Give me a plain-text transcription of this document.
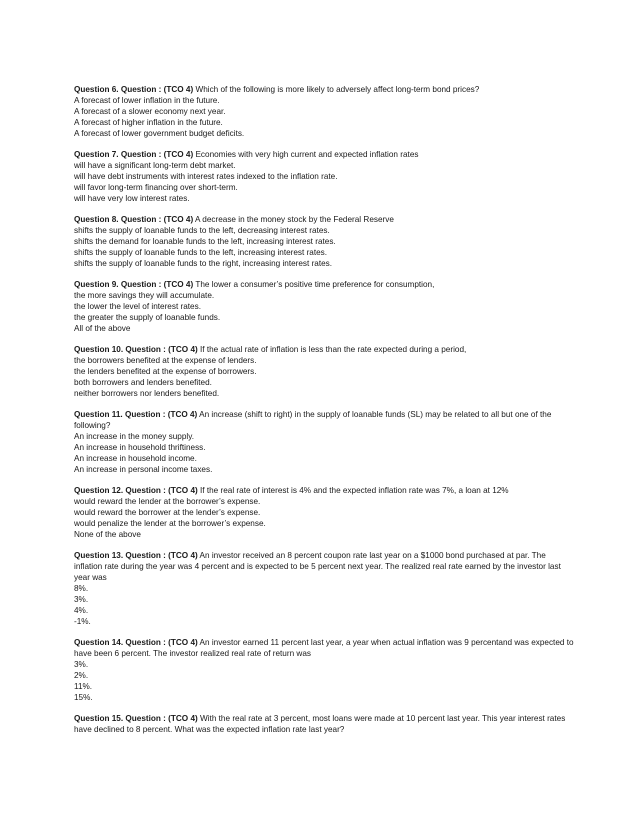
Question 6. Question : (TCO 4) Which of the following is more likely to adversely affect long-term bond prices?

A forecast of lower inflation in the future.
A forecast of a slower economy next year.
A forecast of higher inflation in the future.
A forecast of lower government budget deficits.

Question 7. Question : (TCO 4) Economies with very high current and expected inflation rates

will have a significant long-term debt market.
will have debt instruments with interest rates indexed to the inflation rate.
will favor long-term financing over short-term.
will have very low interest rates.

Question 8. Question : (TCO 4) A decrease in the money stock by the Federal Reserve

shifts the supply of loanable funds to the left, decreasing interest rates.
shifts the demand for loanable funds to the left, increasing interest rates.
shifts the supply of loanable funds to the left, increasing interest rates.
shifts the supply of loanable funds to the right, increasing interest rates.

Question 9. Question : (TCO 4) The lower a consumer’s positive time preference for consumption,

the more savings they will accumulate.
the lower the level of interest rates.
the greater the supply of loanable funds.
All of the above

Question 10. Question : (TCO 4) If the actual rate of inflation is less than the rate expected during a period,

the borrowers benefited at the expense of lenders.
the lenders benefited at the expense of borrowers.
both borrowers and lenders benefited.
neither borrowers nor lenders benefited.

Question 11. Question : (TCO 4) An increase (shift to right) in the supply of loanable funds (SL) may be related to all but one of the following?

An increase in the money supply.
An increase in household thriftiness.
An increase in household income.
An increase in personal income taxes.

Question 12. Question : (TCO 4) If the real rate of interest is 4% and the expected inflation rate was 7%, a loan at 12%

would reward the lender at the borrower’s expense.
would reward the borrower at the lender’s expense.
would penalize the lender at the borrower’s expense.
None of the above

Question 13. Question : (TCO 4) An investor received an 8 percent coupon rate last year on a $1000 bond purchased at par. The inflation rate during the year was 4 percent and is expected to be 5 percent next year. The realized real rate earned by the investor last year was

8%.
3%.
4%.
-1%.

Question 14. Question : (TCO 4) An investor earned 11 percent last year, a year when actual inflation was 9 percentand was expected to have been 6 percent. The investor realized real rate of return was

3%.
2%.
11%.
15%.

Question 15. Question : (TCO 4) With the real rate at 3 percent, most loans were made at 10 percent last year. This year interest rates have declined to 8 percent. What was the expected inflation rate last year?
